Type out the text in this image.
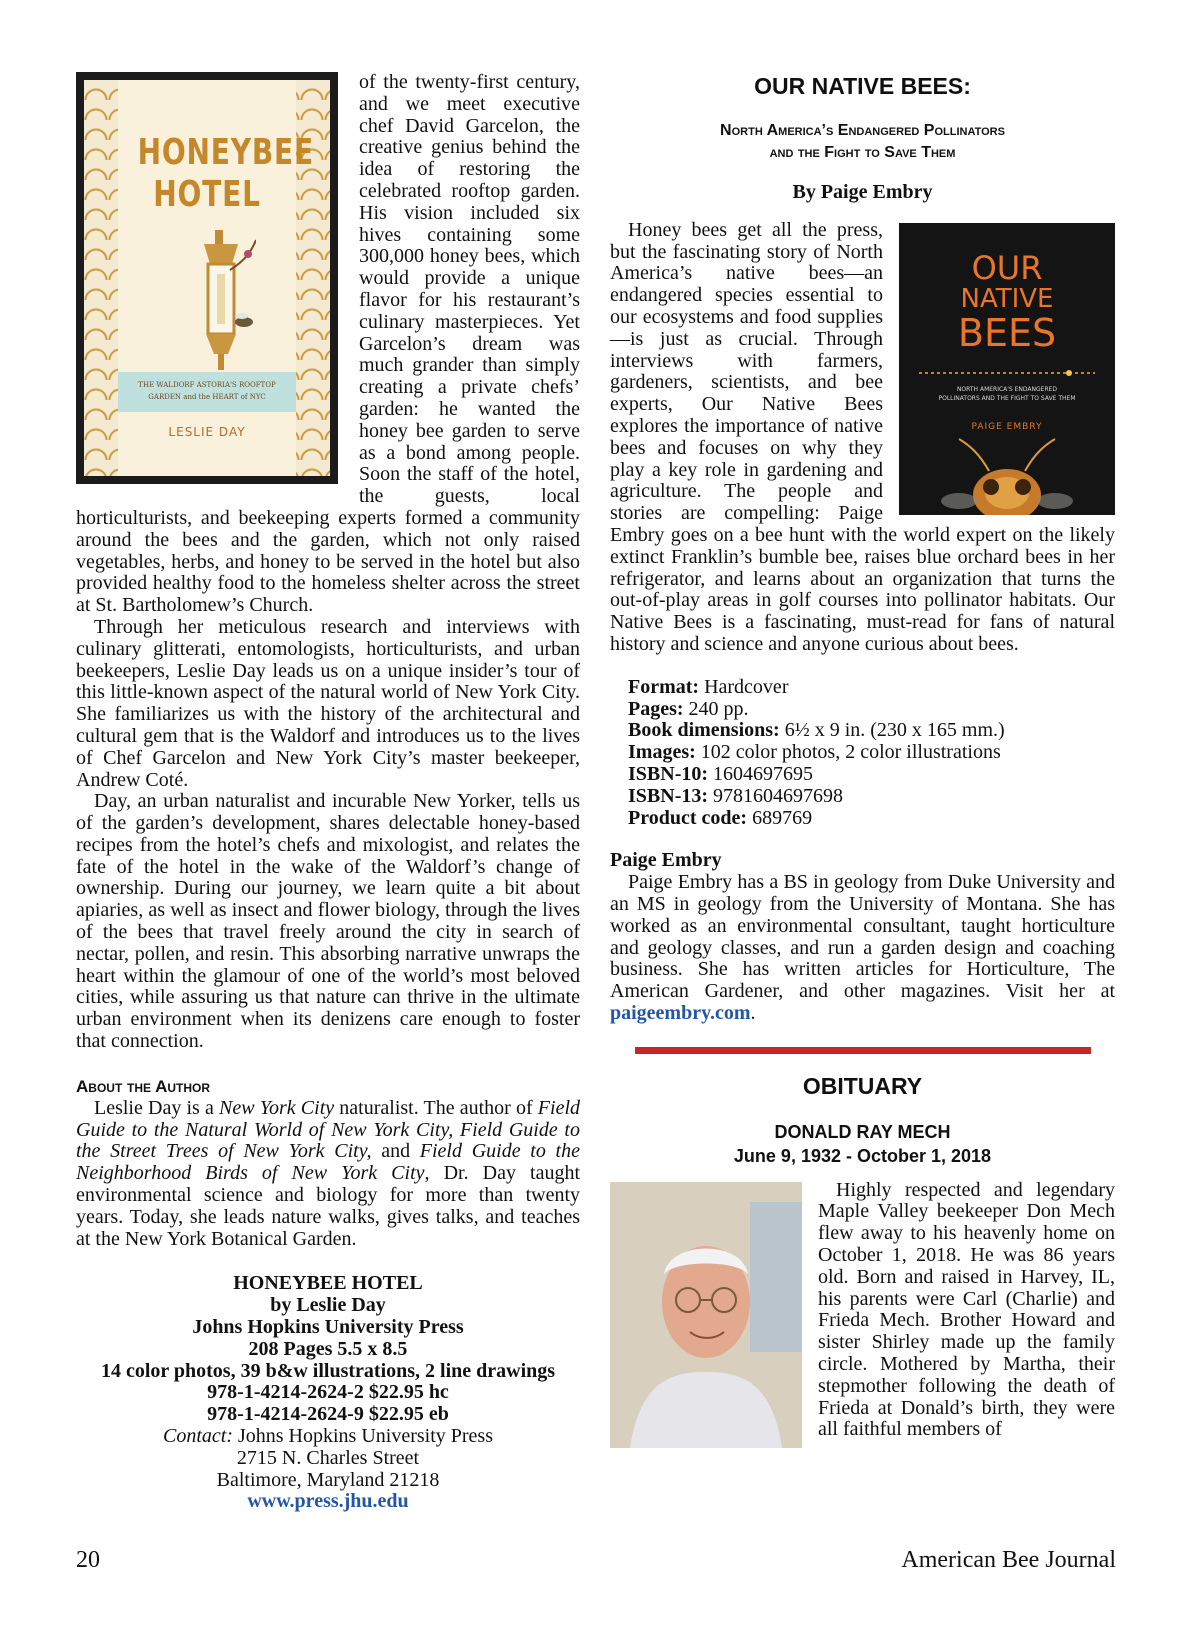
HONEYBEE
HOTEL
THE WALDORF ASTORIA'S ROOFTOP
GARDEN and the HEART of NYC
LESLIE DAY

of the twenty-first century, and we meet executive chef David Garcelon, the creative genius behind the idea of restoring the celebrated rooftop garden. His vision included six hives containing some 300,000 honey bees, which would provide a unique flavor for his restaurant’s culinary masterpieces. Yet Garcelon’s dream was much grander than simply creating a private chefs’ garden: he wanted the honey bee garden to serve as a bond among people. Soon the staff of the hotel, the guests, local horticulturists, and beekeeping experts formed a community around the bees and the garden, which not only raised vegetables, herbs, and honey to be served in the hotel but also provided healthy food to the homeless shelter across the street at St. Bartholomew’s Church.

Through her meticulous research and interviews with culinary glitterati, entomologists, horticulturists, and urban beekeepers, Leslie Day leads us on a unique insider’s tour of this little-known aspect of the natural world of New York City. She familiarizes us with the history of the architectural and cultural gem that is the Waldorf and introduces us to the lives of Chef Garcelon and New York City’s master beekeeper, Andrew Coté.

Day, an urban naturalist and incurable New Yorker, tells us of the garden’s development, shares delectable honey-based recipes from the hotel’s chefs and mixologist, and relates the fate of the hotel in the wake of the Waldorf’s change of ownership. During our journey, we learn quite a bit about apiaries, as well as insect and flower biology, through the lives of the bees that travel freely around the city in search of nectar, pollen, and resin. This absorbing narrative unwraps the heart within the glamour of one of the world’s most beloved cities, while assuring us that nature can thrive in the ultimate urban environment when its denizens care enough to foster that connection.

About the Author

Leslie Day is a New York City naturalist. The author of Field Guide to the Natural World of New York City, Field Guide to the Street Trees of New York City, and Field Guide to the Neighborhood Birds of New York City, Dr. Day taught environmental science and biology for more than twenty years. Today, she leads nature walks, gives talks, and teaches at the New York Botanical Garden.

HONEYBEE HOTEL
by Leslie Day
Johns Hopkins University Press
208 Pages 5.5 x 8.5
14 color photos, 39 b&w illustrations, 2 line drawings
978-1-4214-2624-2 $22.95 hc
978-1-4214-2624-9 $22.95 eb
Contact: Johns Hopkins University Press
2715 N. Charles Street
Baltimore, Maryland 21218
www.press.jhu.edu
OUR NATIVE BEES:
North America’s Endangered Pollinators
and the Fight to Save Them
By Paige Embry
OUR
NATIVE
BEES
NORTH AMERICA'S ENDANGERED
POLLINATORS AND THE FIGHT TO SAVE THEM
PAIGE EMBRY

Honey bees get all the press, but the fascinating story of North America’s native bees—an endangered species essential to our ecosystems and food supplies—is just as crucial. Through interviews with farmers, gardeners, scientists, and bee experts, Our Native Bees explores the importance of native bees and focuses on why they play a key role in gardening and agriculture. The people and stories are compelling: Paige Embry goes on a bee hunt with the world expert on the likely extinct Franklin’s bumble bee, raises blue orchard bees in her refrigerator, and learns about an organization that turns the out-of-play areas in golf courses into pollinator habitats. Our Native Bees is a fascinating, must-read for fans of natural history and science and anyone curious about bees.

Format: Hardcover
Pages: 240 pp.
Book dimensions: 6½ x 9 in. (230 x 165 mm.)
Images: 102 color photos, 2 color illustrations
ISBN-10: 1604697695
ISBN-13: 9781604697698
Product code: 689769
Paige Embry

Paige Embry has a BS in geology from Duke University and an MS in geology from the University of Montana. She has worked as an environmental consultant, taught horticulture and geology classes, and run a garden design and coaching business. She has written articles for Horticulture, The American Gardener, and other magazines. Visit her at paigeembry.com.

OBITUARY
DONALD RAY MECH
June 9, 1932 - October 1, 2018

Highly respected and legendary Maple Valley beekeeper Don Mech flew away to his heavenly home on October 1, 2018. He was 86 years old. Born and raised in Harvey, IL, his parents were Carl (Charlie) and Frieda Mech. Brother Howard and sister Shirley made up the family circle. Mothered by Martha, their stepmother following the death of Frieda at Donald’s birth, they were all faithful members of

20	American Bee Journal
